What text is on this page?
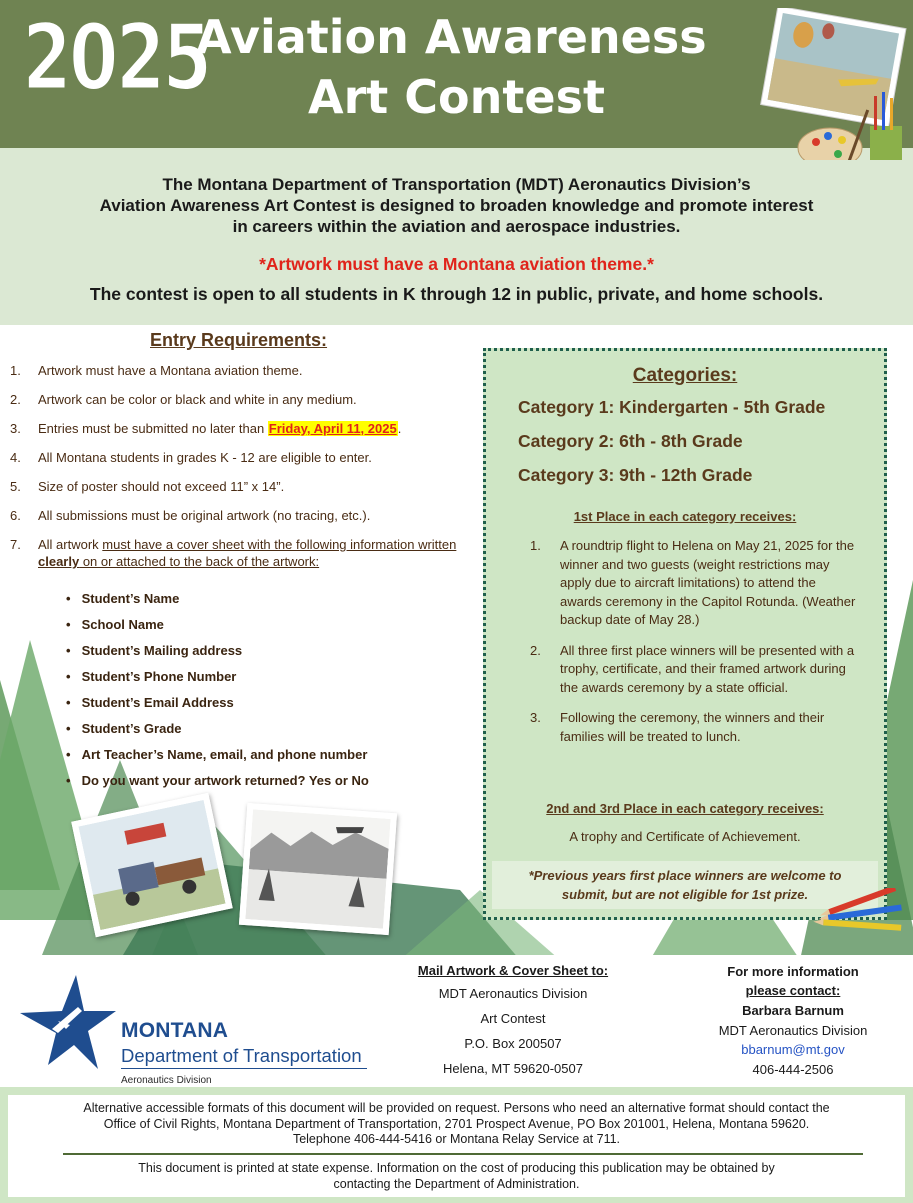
2025
Aviation Awareness
Art Contest
The Montana Department of Transportation (MDT) Aeronautics Division’s
Aviation Awareness Art Contest is designed to broaden knowledge and promote interest
in careers within the aviation and aerospace industries.
*Artwork must have a Montana aviation theme.*
The contest is open to all students in K through 12 in public, private, and home schools.
Entry Requirements:
1. Artwork must have a Montana aviation theme.
2. Artwork can be color or black and white in any medium.
3. Entries must be submitted no later than Friday, April 11, 2025.
4. All Montana students in grades K - 12 are eligible to enter.
5. Size of poster should not exceed 11” x 14”.
6. All submissions must be original artwork (no tracing, etc.).
7. All artwork must have a cover sheet with the following information written clearly on or attached to the back of the artwork:
• Student’s Name
• School Name
• Student’s Mailing address
• Student’s Phone Number
• Student’s Email Address
• Student’s Grade
• Art Teacher’s Name, email, and phone number
• Do you want your artwork returned? Yes or No
Categories:
Category 1: Kindergarten - 5th Grade
Category 2: 6th - 8th Grade
Category 3: 9th - 12th Grade
1st Place in each category receives:
1. A roundtrip flight to Helena on May 21, 2025 for the winner and two guests (weight restrictions may apply due to aircraft limitations) to attend the awards ceremony in the Capitol Rotunda. (Weather backup date of May 28.)
2. All three first place winners will be presented with a trophy, certificate, and their framed artwork during the awards ceremony by a state official.
3. Following the ceremony, the winners and their families will be treated to lunch.
2nd and 3rd Place in each category receives:
A trophy and Certificate of Achievement.
*Previous years first place winners are welcome to
submit, but are not eligible for 1st prize.
MONTANA
Department of Transportation
Aeronautics Division
Mail Artwork & Cover Sheet to:
MDT Aeronautics Division
Art Contest
P.O. Box 200507
Helena, MT 59620-0507
For more information
please contact:
Barbara Barnum
MDT Aeronautics Division
bbarnum@mt.gov
406-444-2506
Alternative accessible formats of this document will be provided on request. Persons who need an alternative format should contact the
Office of Civil Rights, Montana Department of Transportation, 2701 Prospect Avenue, PO Box 201001, Helena, Montana 59620.
Telephone 406-444-5416 or Montana Relay Service at 711.
This document is printed at state expense. Information on the cost of producing this publication may be obtained by
contacting the Department of Administration.
